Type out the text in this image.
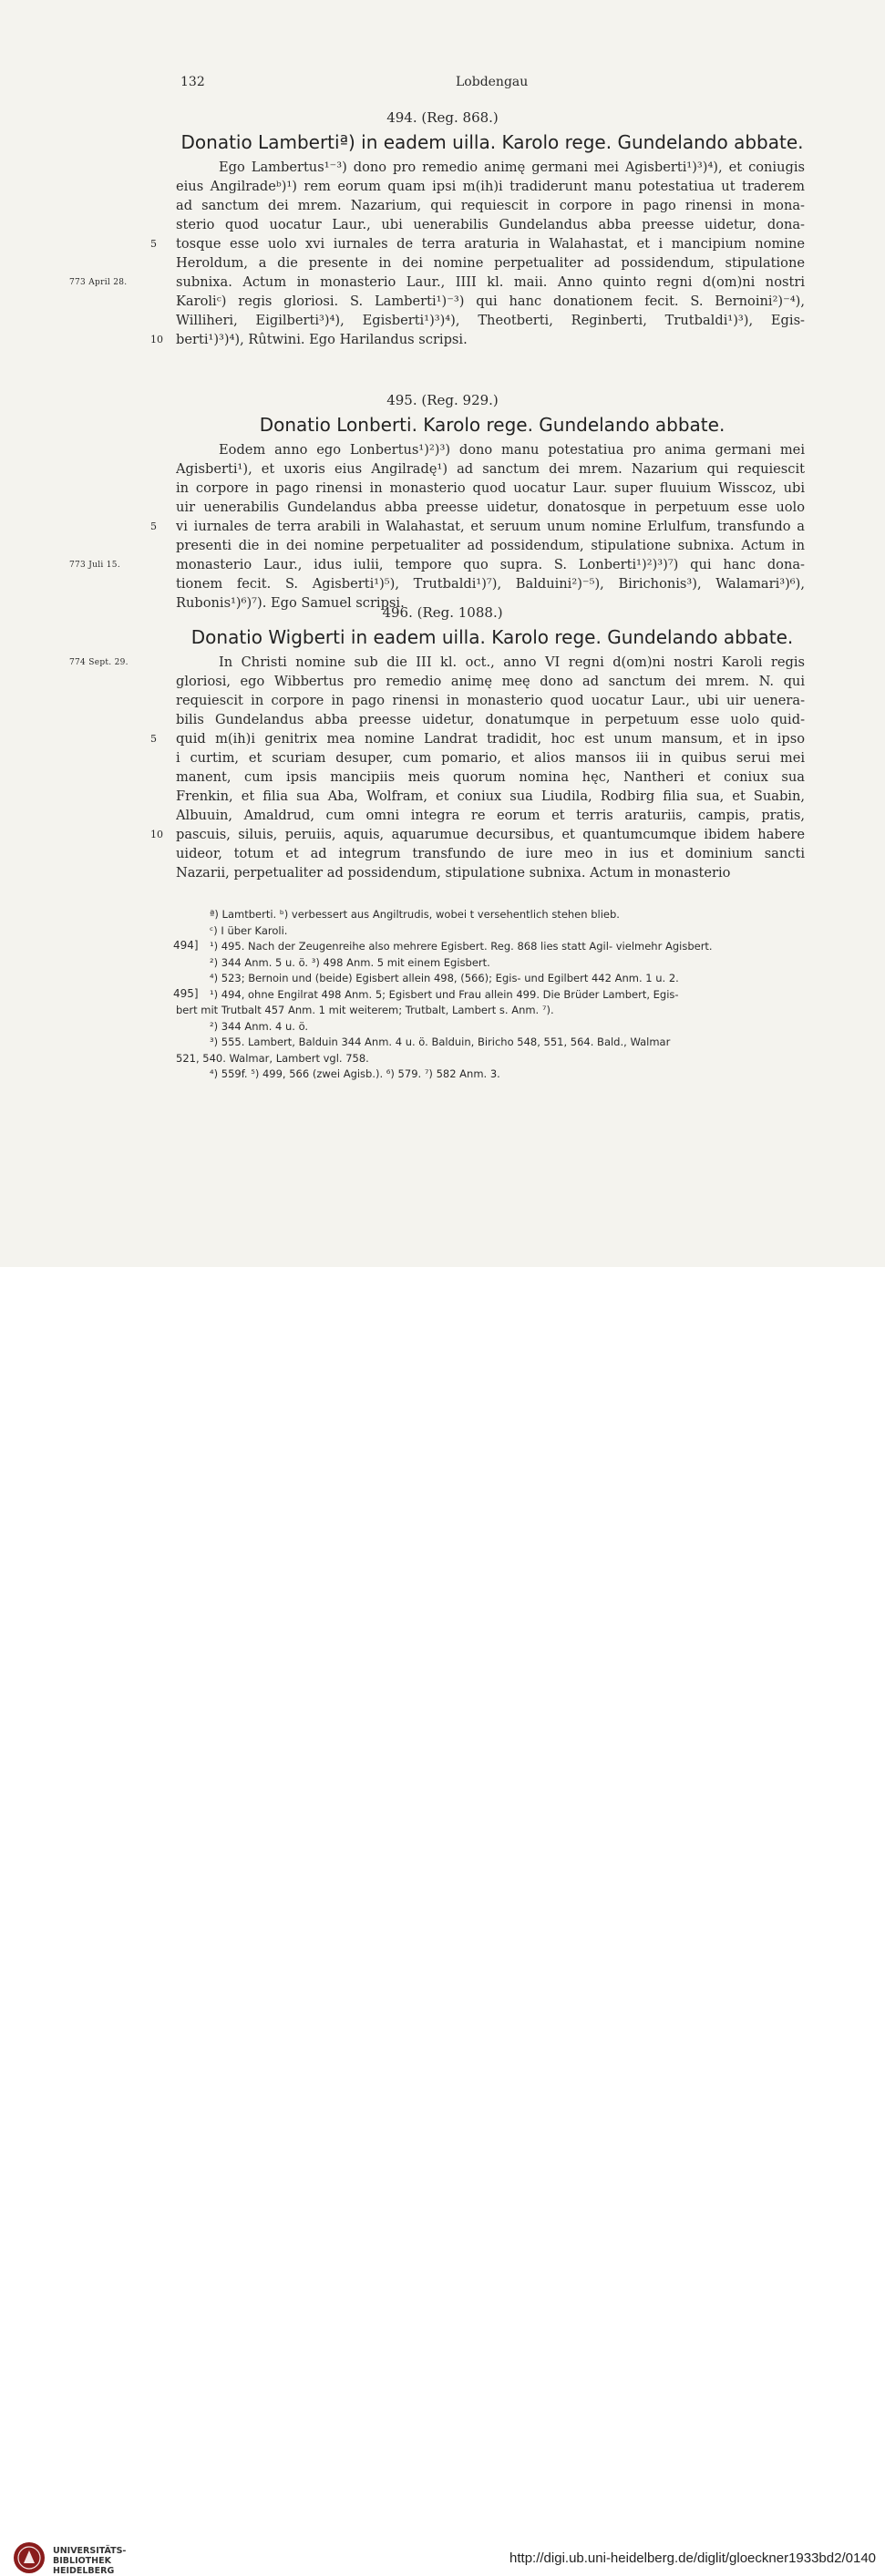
132	Lobdengau
494. (Reg. 868.)
Donatio Lambertiª) in eadem uilla. Karolo rege. Gundelando abbate.
Ego Lambertus¹⁻³) dono pro remedio animę germani mei Agisberti¹)³)⁴), et coniugis
eius Angilradeᵇ)¹) rem eorum quam ipsi m(ih)i tradiderunt manu potestatiua ut traderem
ad sanctum dei mrem. Nazarium, qui requiescit in corpore in pago rinensi in mona-
sterio quod uocatur Laur., ubi uenerabilis Gundelandus abba preesse uidetur, dona-
tosque esse uolo xvi iurnales de terra araturia in Walahastat, et i mancipium nomine
5
Heroldum, a die presente in dei nomine perpetualiter ad possidendum, stipulatione
subnixa. Actum in monasterio Laur., IIII kl. maii. Anno quinto regni d(om)ni nostri
773 April 28.
Karoliᶜ) regis gloriosi. S. Lamberti¹)⁻³) qui hanc donationem fecit. S. Bernoini²)⁻⁴),
Williheri, Eigilberti³)⁴), Egisberti¹)³)⁴), Theotberti, Reginberti, Trutbaldi¹)³), Egis-
berti¹)³)⁴), Rûtwini. Ego Harilandus scripsi.
10
495. (Reg. 929.)
Donatio Lonberti. Karolo rege. Gundelando abbate.
Eodem anno ego Lonbertus¹)²)³) dono manu potestatiua pro anima germani mei
Agisberti¹), et uxoris eius Angilradę¹) ad sanctum dei mrem. Nazarium qui requiescit
in corpore in pago rinensi in monasterio quod uocatur Laur. super fluuium Wisscoz, ubi
uir uenerabilis Gundelandus abba preesse uidetur, donatosque in perpetuum esse uolo
vi iurnales de terra arabili in Walahastat, et seruum unum nomine Erlulfum, transfundo a
5
presenti die in dei nomine perpetualiter ad possidendum, stipulatione subnixa. Actum in
monasterio Laur., idus iulii, tempore quo supra. S. Lonberti¹)²)³)⁷) qui hanc dona-
773 Juli 15.
tionem fecit. S. Agisberti¹)⁵), Trutbaldi¹)⁷), Balduini²)⁻⁵), Birichonis³), Walamari³)⁶),
Rubonis¹)⁶)⁷). Ego Samuel scripsi.
496. (Reg. 1088.)
Donatio Wigberti in eadem uilla. Karolo rege. Gundelando abbate.
In Christi nomine sub die III kl. oct., anno VI regni d(om)ni nostri Karoli regis
774 Sept. 29.
gloriosi, ego Wibbertus pro remedio animę meę dono ad sanctum dei mrem. N. qui
requiescit in corpore in pago rinensi in monasterio quod uocatur Laur., ubi uir uenera-
bilis Gundelandus abba preesse uidetur, donatumque in perpetuum esse uolo quid-
quid m(ih)i genitrix mea nomine Landrat tradidit, hoc est unum mansum, et in ipso
5
i curtim, et scuriam desuper, cum pomario, et alios mansos iii in quibus serui mei
manent, cum ipsis mancipiis meis quorum nomina hęc, Nantheri et coniux sua
Frenkin, et filia sua Aba, Wolfram, et coniux sua Liudila, Rodbirg filia sua, et Suabin,
Albuuin, Amaldrud, cum omni integra re eorum et terris araturiis, campis, pratis,
pascuis, siluis, peruiis, aquis, aquarumue decursibus, et quantumcumque ibidem habere
10
uideor, totum et ad integrum transfundo de iure meo in ius et dominium sancti
Nazarii, perpetualiter ad possidendum, stipulatione subnixa. Actum in monasterio
ª) Lamtberti. ᵇ) verbessert aus Angiltrudis, wobei t versehentlich stehen blieb.
ᶜ) I über Karoli.
¹) 495. Nach der Zeugenreihe also mehrere Egisbert. Reg. 868 lies statt Agil- vielmehr Agisbert.
494]
²) 344 Anm. 5 u. ö. ³) 498 Anm. 5 mit einem Egisbert.
⁴) 523; Bernoin und (beide) Egisbert allein 498, (566); Egis- und Egilbert 442 Anm. 1 u. 2.
¹) 494, ohne Engilrat 498 Anm. 5; Egisbert und Frau allein 499. Die Brüder Lambert, Egis-
495]
bert mit Trutbalt 457 Anm. 1 mit weiterem; Trutbalt, Lambert s. Anm. ⁷).
²) 344 Anm. 4 u. ö.
³) 555. Lambert, Balduin 344 Anm. 4 u. ö. Balduin, Biricho 548, 551, 564. Bald., Walmar
521, 540. Walmar, Lambert vgl. 758.
⁴) 559f. ⁵) 499, 566 (zwei Agisb.). ⁶) 579. ⁷) 582 Anm. 3.
UNIVERSITÄTS-
BIBLIOTHEK
HEIDELBERG
http://digi.ub.uni-heidelberg.de/diglit/gloeckner1933bd2/0140
